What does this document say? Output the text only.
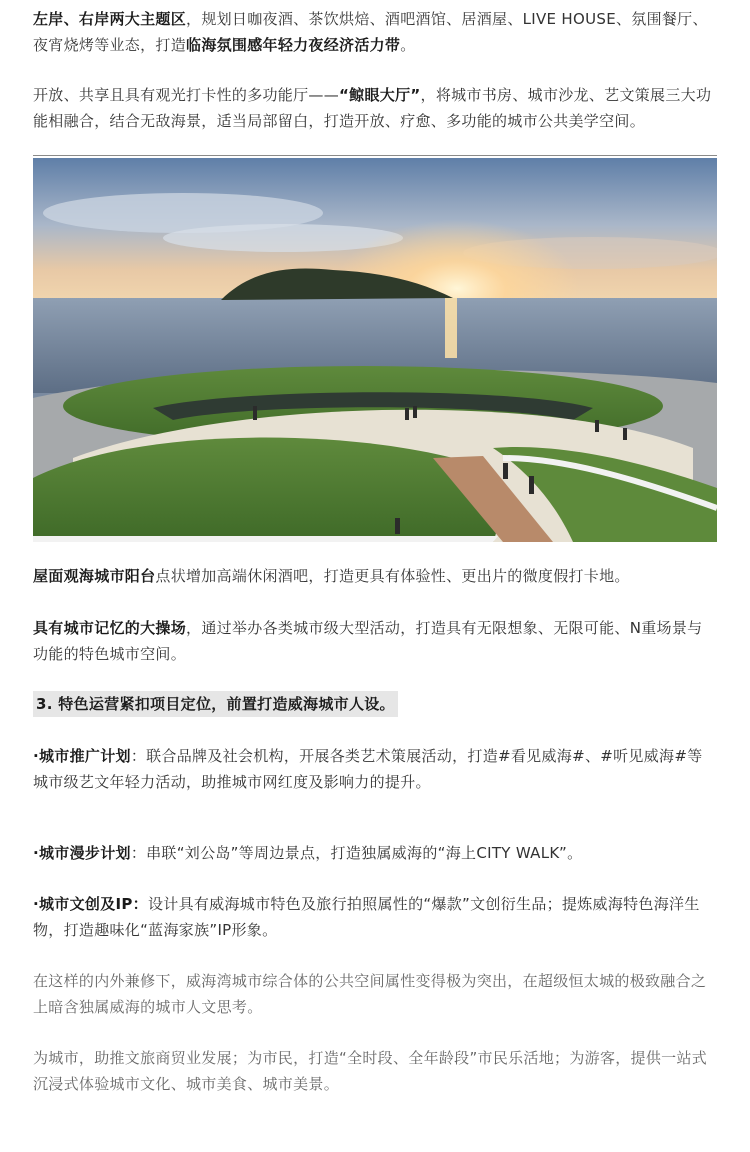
左岸、右岸两大主题区，规划日咖夜酒、茶饮烘焙、酒吧酒馆、居酒屋、LIVE HOUSE、氛围餐厅、夜宵烧烤等业态，打造临海氛围感年轻力夜经济活力带。

开放、共享且具有观光打卡性的多功能厅——“鲸眼大厅”，将城市书房、城市沙龙、艺文策展三大功能相融合，结合无敌海景，适当局部留白，打造开放、疗愈、多功能的城市公共美学空间。

屋面观海城市阳台点状增加高端休闲酒吧，打造更具有体验性、更出片的微度假打卡地。

具有城市记忆的大操场，通过举办各类城市级大型活动，打造具有无限想象、无限可能、N重场景与功能的特色城市空间。

3. 特色运营紧扣项目定位，前置打造威海城市人设。

·城市推广计划：联合品牌及社会机构，开展各类艺术策展活动，打造#看见威海#、#听见威海#等城市级艺文年轻力活动，助推城市网红度及影响力的提升。

·城市漫步计划：串联“刘公岛”等周边景点，打造独属威海的“海上CITY WALK”。

·城市文创及IP：设计具有威海城市特色及旅行拍照属性的“爆款”文创衍生品；提炼威海特色海洋生物，打造趣味化“蓝海家族”IP形象。

在这样的内外兼修下，威海湾城市综合体的公共空间属性变得极为突出，在超级恒太城的极致融合之上暗含独属威海的城市人文思考。

为城市，助推文旅商贸业发展；为市民，打造“全时段、全年龄段”市民乐活地；为游客，提供一站式沉浸式体验城市文化、城市美食、城市美景。
